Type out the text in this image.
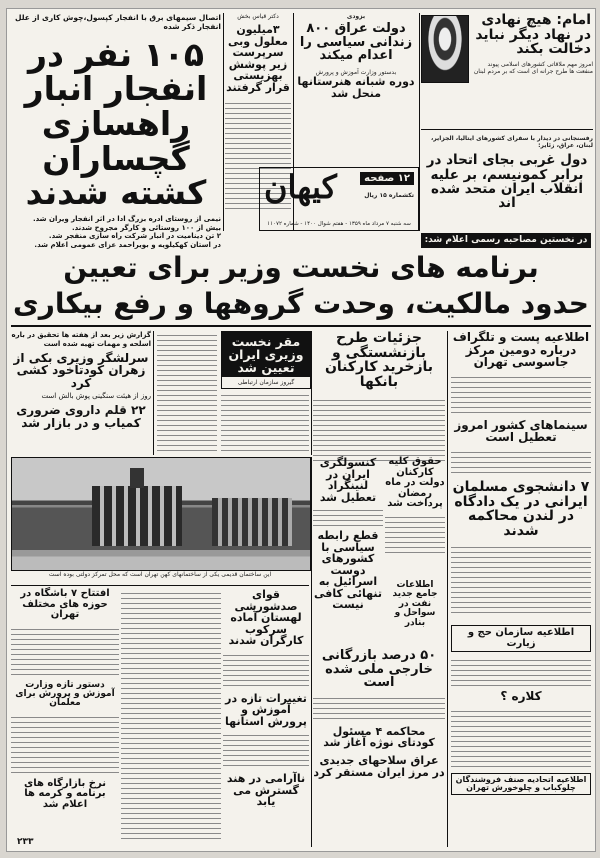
اتصال سیمهای برق با انفجار کپسول،چوش کاری از علل انفجار ذکر شده
۱۰۵ نفر در انفجار انبار راهسازی گچساران کشته شدند
نیمی از روستای ادره بزرگ ادا در اثر انفجار ویران شد.
بیش از ۱۰۰ روستائی و کارگر مجروح شدند.
۲ تن دینامیت در انبار شرکت راه سازی منفجر شد.
در استان کهکیلویه و بویراحمد عزای عمومی اعلام شد.
دکتر قیاس بخش
۳میلیون معلول وبی سرپرست زیر پوشش بهزیستی قرار گرفتند
بزودی
دولت عراق ۸۰۰ زندانی سیاسی را اعدام میکند
بدستور وزارت آموزش و پرورش
دوره شبانه هنرستانها منحل شد
۱۲ صفحه
کیهان	تکشماره ۱۵ ریال
سه شنبه ۷ مرداد ماه ۱۳۵۹ - هفتم شوال ۱۴۰۰ - شماره ۱۱۰۷۲
امام: هیچ نهادی در نهاد دیگر نباید دخالت بکند
امروز مهم ملاقاتی کشورهای اسلامی پیوند منفعت ها طرح جرانه ای است که بر مردم لبنان
رفسنجانی در دیدار با سفرای کشورهای ایتالیا، الجزایر، لبنان، عراق، زئایر:
دول غربی بجای اتحاد در برابر کمونیسم، بر علیه انقلاب ایران متحد شده اند
در نخستین مصاحبه رسمی اعلام شد:
برنامه های نخست وزیر برای تعیین
حدود مالکیت، وحدت گروهها و رفع بیکاری
گزارش زیر بعد از هفته ها تحقیق در باره اسلحه و مهمات تهیه شده است
سرلشگر وزیری بکی از زهران کودتاخود کشی کرد
روز از هیئت سنگینی پوش بالش است
۲۲ قلم داروی ضروری کمیاب و در بازار شد
مقر نخست وزیری ایران تعیین شد
گیروز سازمان ارتباطی
جزئیات طرح بازنشستگی و بازخرید کارکنان بانکها
اطلاعیه پست و تلگراف درباره دومین مرکز جاسوسی تهران
سینماهای کشور امروز تعطیل است
۷ دانشجوی مسلمان ایرانی در یک دادگاه در لندن محاکمه شدند
این ساختمان قدیمی یکی از ساختمانهای کهن تهران است که محل تمرکز دولتی بوده است
کنسولگری ایران در لنینگراد تعطیل شد
قطع رابطه سیاسی با کشورهای دوست اسرائیل به تنهائی کافی نیست
حقوق کلیه کارکنان دولت در ماه رمضان پرداخت شد
اطلاعات جامع جدید نفت در سواحل و بنادر
افتتاح ۷ باشگاه در حوزه های مختلف تهران
دستور تازه وزارت آموزش و پرورش برای معلمان
نرخ بازارگاه های برنامه و کرمه ها اعلام شد
قوای صدشورشی لهستان آماده سرکوب کارگران شدند
تغییرات تازه در آموزش و پرورش استانها
ناآرامی در هند گسترش می یابد
۵۰ درصد بازرگانی خارجی ملی شده است
محاکمه ۴ مسئول کودتای نوژه آغاز شد
عراق سلاحهای جدیدی در مرز ایران مستقر کرد
اطلاعیه سازمان حج و زیارت
کلاره ؟
اطلاعیه اتحادیه صنف فروشندگان چلوکباب و چلوخورش تهران
۲۳۳
